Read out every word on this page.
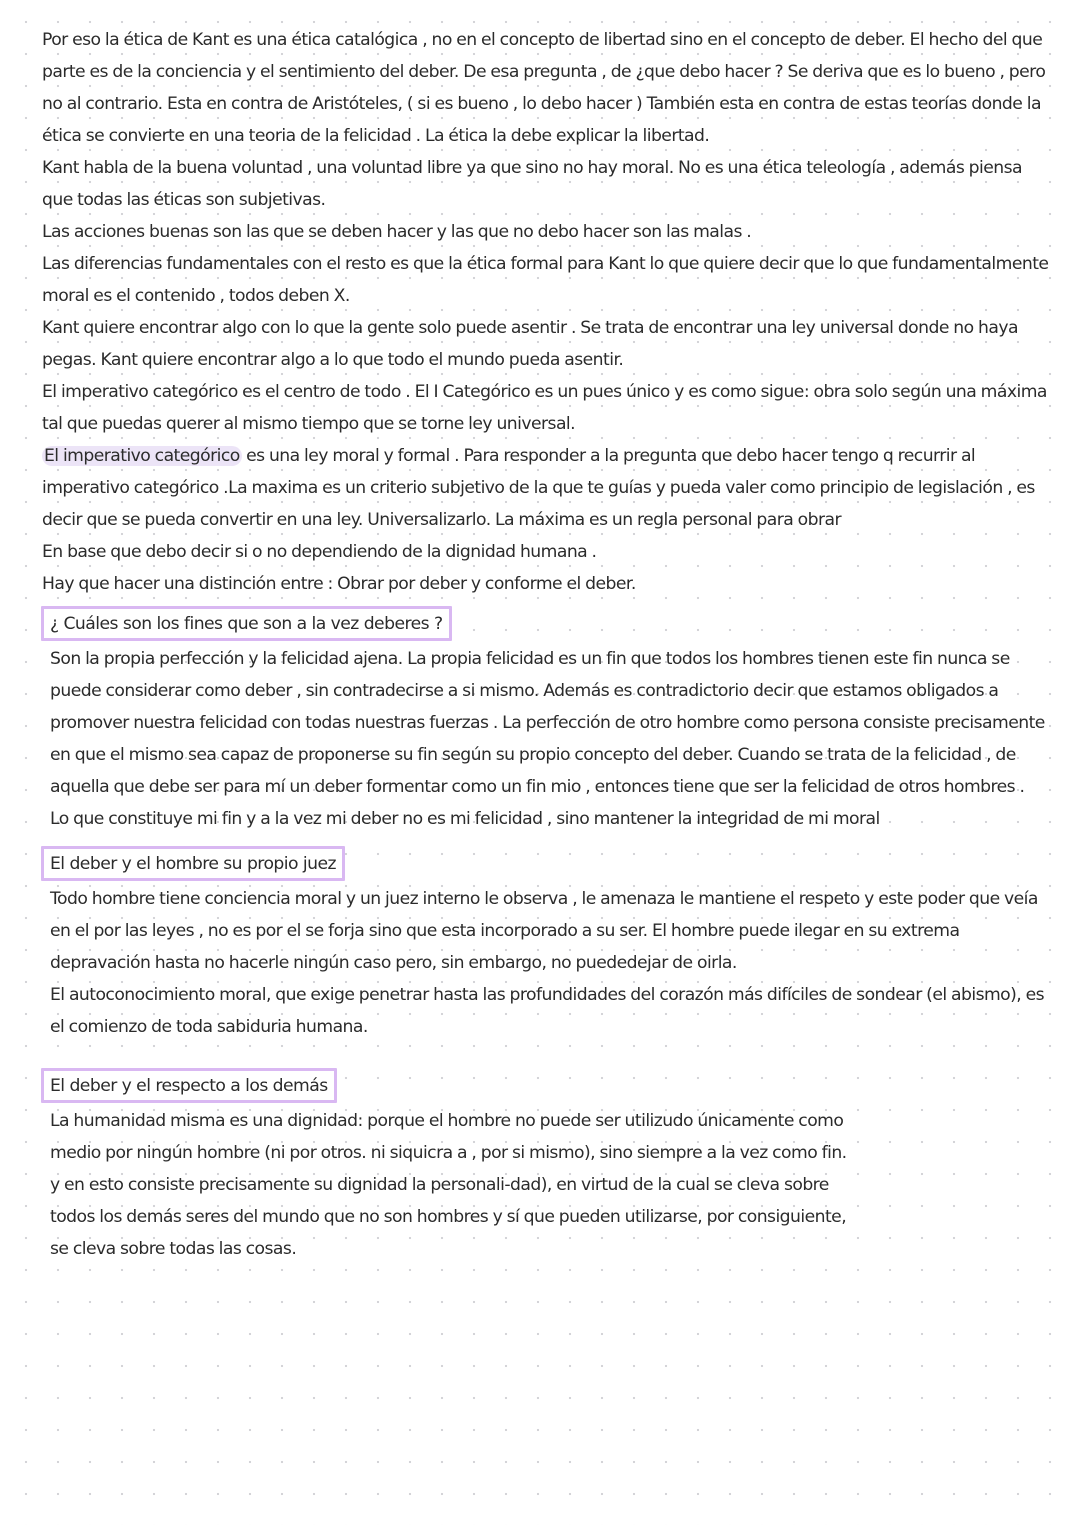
Por eso la ética de Kant es una ética catalógica , no en el concepto de libertad sino en el concepto de deber. El hecho del que parte es de la conciencia y el sentimiento del deber. De esa pregunta , de ¿que debo hacer ? Se deriva que es lo bueno , pero no al contrario. Esta en contra de Aristóteles, ( si es bueno , lo debo hacer ) También esta en contra de estas teorías donde la ética se convierte en una teoria de la felicidad . La ética la debe explicar la libertad.

Kant habla de la buena voluntad , una voluntad libre ya que sino no hay moral. No es una ética teleología , además piensa que todas las éticas son subjetivas.

Las acciones buenas son las que se deben hacer y las que no debo hacer son las malas .

Las diferencias fundamentales con el resto es que la ética formal para Kant lo que quiere decir que lo que fundamentalmente moral es el contenido , todos deben X.

Kant quiere encontrar algo con lo que la gente solo puede asentir . Se trata de encontrar una ley universal donde no haya pegas. Kant quiere encontrar algo a lo que todo el mundo pueda asentir.

El imperativo categórico es el centro de todo . El I Categórico es un pues único y es como sigue: obra solo según una máxima tal que puedas querer al mismo tiempo que se torne ley universal.

El imperativo categórico es una ley moral y formal . Para responder a la pregunta que debo hacer tengo q recurrir al imperativo categórico .La maxima es un criterio subjetivo de la que te guías y pueda valer como principio de legislación , es decir que se pueda convertir en una ley. Universalizarlo. La máxima es un regla personal para obrar

En base que debo decir si o no dependiendo de la dignidad humana .

Hay que hacer una distinción entre : Obrar por deber y conforme el deber.

¿ Cuáles son los fines que son a la vez deberes ?

Son la propia perfección y la felicidad ajena. La propia felicidad es un fin que todos los hombres tienen este fin nunca se puede considerar como deber , sin contradecirse a si mismo. Además es contradictorio decir que estamos obligados a promover nuestra felicidad con todas nuestras fuerzas . La perfección de otro hombre como persona consiste precisamente en que el mismo sea capaz de proponerse su fin según su propio concepto del deber. Cuando se trata de la felicidad , de aquella que debe ser para mí un deber formentar como un fin mio , entonces tiene que ser la felicidad de otros hombres .

Lo que constituye mi fin y a la vez mi deber no es mi felicidad , sino mantener la integridad de mi moral

El deber y el hombre su propio juez

Todo hombre tiene conciencia moral y un juez interno le observa , le amenaza le mantiene el respeto y este poder que veía en el por las leyes , no es por el se forja sino que esta incorporado a su ser. El hombre puede ilegar en su extrema depravación hasta no hacerle ningún caso pero, sin embargo, no puededejar de oirla.

El autoconocimiento moral, que exige penetrar hasta las profundidades del corazón más difíciles de sondear (el abismo), es el comienzo de toda sabiduria humana.

El deber y el respecto a los demás

La humanidad misma es una dignidad: porque el hombre no puede ser utilizudo únicamente como medio por ningún hombre (ni por otros. ni siquicra a , por si mismo), sino siempre a la vez como fin. y en esto consiste precisamente su dignidad la personali-dad), en virtud de la cual se cleva sobre todos los demás seres del mundo que no son hombres y sí que pueden utilizarse, por consiguiente, se cleva sobre todas las cosas.
